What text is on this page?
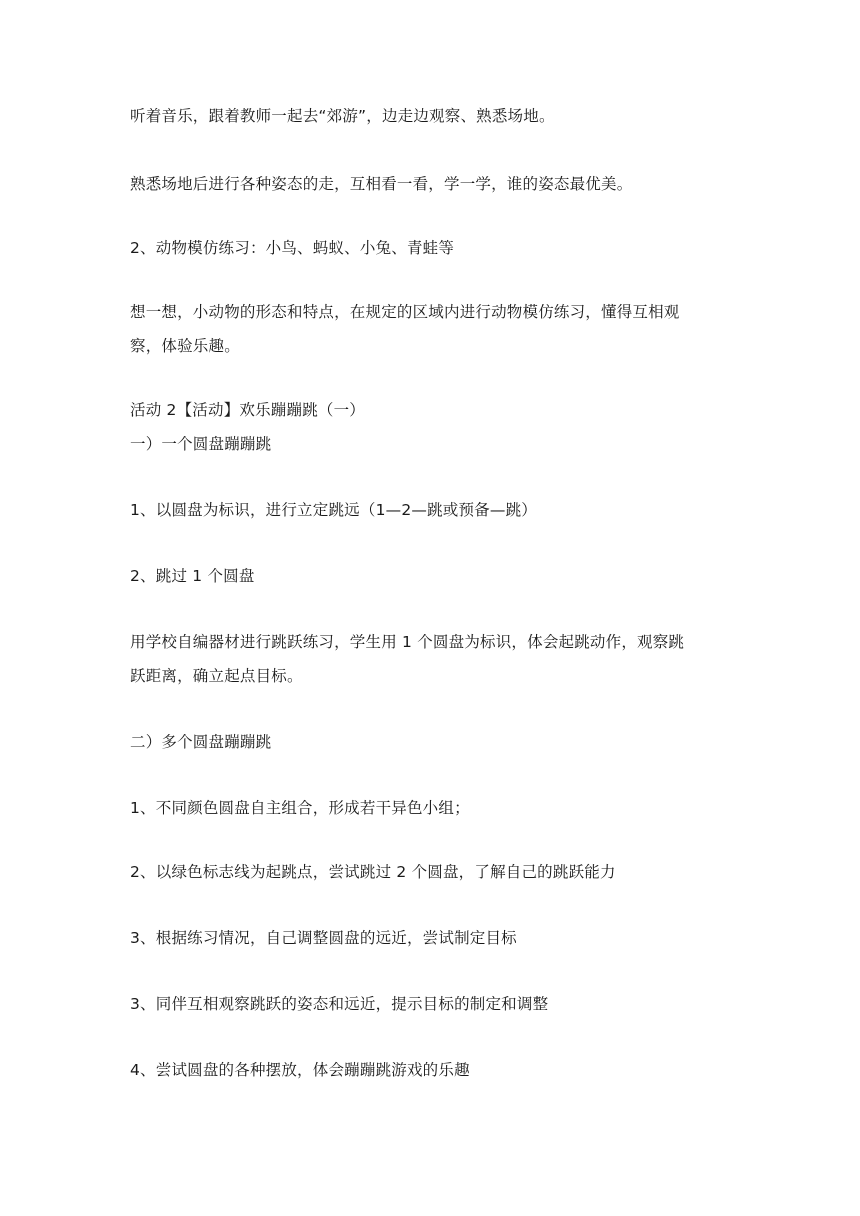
听着音乐，跟着教师一起去“郊游”，边走边观察、熟悉场地。
熟悉场地后进行各种姿态的走，互相看一看，学一学，谁的姿态最优美。
2、动物模仿练习：小鸟、蚂蚁、小兔、青蛙等
想一想，小动物的形态和特点，在规定的区域内进行动物模仿练习，懂得互相观
察，体验乐趣。
活动 2【活动】欢乐蹦蹦跳（一）
一）一个圆盘蹦蹦跳
1、以圆盘为标识，进行立定跳远（1—2—跳或预备—跳）
2、跳过 1 个圆盘
用学校自编器材进行跳跃练习，学生用 1 个圆盘为标识，体会起跳动作，观察跳
跃距离，确立起点目标。
二）多个圆盘蹦蹦跳
1、不同颜色圆盘自主组合，形成若干异色小组；
2、以绿色标志线为起跳点，尝试跳过 2 个圆盘，了解自己的跳跃能力
3、根据练习情况，自己调整圆盘的远近，尝试制定目标
3、同伴互相观察跳跃的姿态和远近，提示目标的制定和调整
4、尝试圆盘的各种摆放，体会蹦蹦跳游戏的乐趣
